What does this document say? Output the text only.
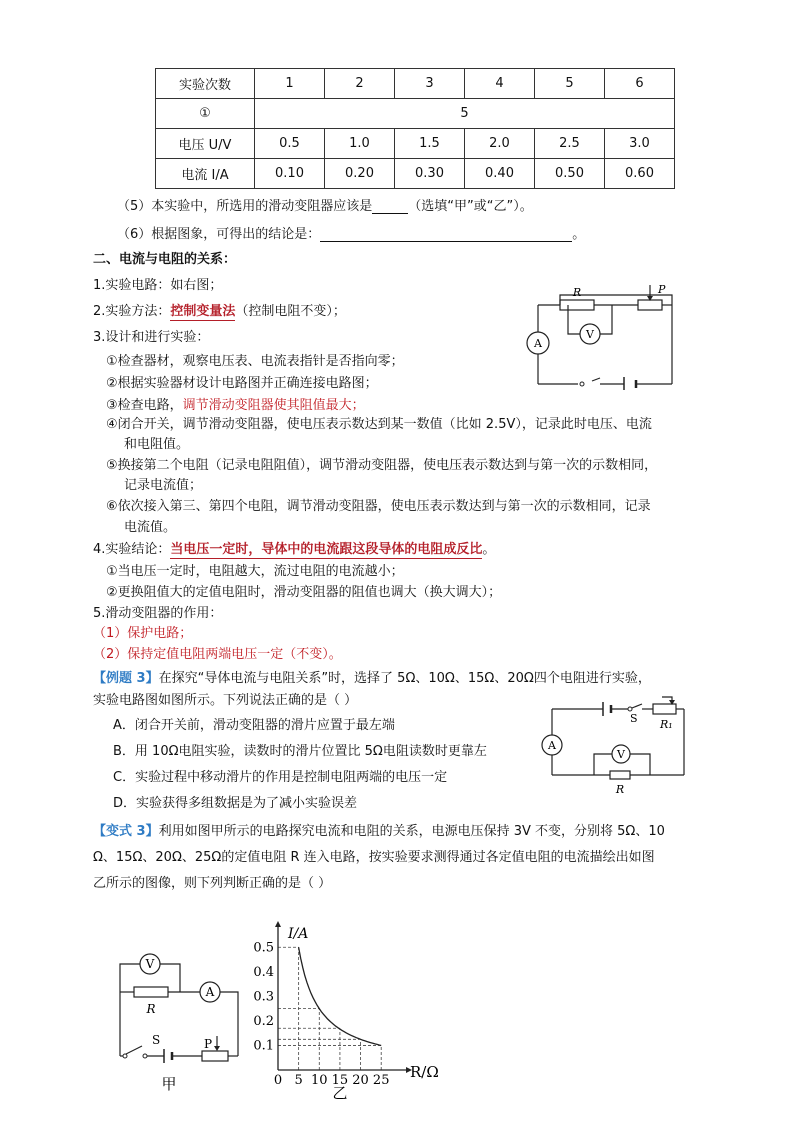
实验次数	1	2	3	4	5	6
①	5					
电压 U/V	0.5	1.0	1.5	2.0	2.5	3.0
电流 I/A	0.10	0.20	0.30	0.40	0.50	0.60
（5）本实验中，所选用的滑动变阻器应该是	（选填“甲”或“乙”）。
（6）根据图象，可得出的结论是：	。
二、电流与电阻的关系：
1.实验电路：如右图；
2.实验方法：控制变量法（控制电阻不变）；
3.设计和进行实验：
①检查器材，观察电压表、电流表指针是否指向零；
②根据实验器材设计电路图并正确连接电路图；
③检查电路，调节滑动变阻器使其阻值最大；
④闭合开关，调节滑动变阻器，使电压表示数达到某一数值（比如 2.5V），记录此时电压、电流
和电阻值。
⑤换接第二个电阻（记录电阻阻值），调节滑动变阻器，使电压表示数达到与第一次的示数相同，
记录电流值；
⑥依次接入第三、第四个电阻，调节滑动变阻器，使电压表示数达到与第一次的示数相同，记录
电流值。
4.实验结论：当电压一定时，导体中的电流跟这段导体的电阻成反比。
①当电压一定时，电阻越大，流过电阻的电流越小；
②更换阻值大的定值电阻时，滑动变阻器的阻值也调大（换大调大）；
5.滑动变阻器的作用：
（1）保护电路；
（2）保持定值电阻两端电压一定（不变）。
【例题 3】在探究“导体电流与电阻关系”时，选择了 5Ω、10Ω、15Ω、20Ω四个电阻进行实验，
实验电路图如图所示。下列说法正确的是（ ）
A．闭合开关前，滑动变阻器的滑片应置于最左端
B．用 10Ω电阻实验，读数时的滑片位置比 5Ω电阻读数时更靠左
C．实验过程中移动滑片的作用是控制电阻两端的电压一定
D．实验获得多组数据是为了减小实验误差
【变式 3】利用如图甲所示的电路探究电流和电阻的关系，电源电压保持 3V 不变，分别将 5Ω、10
Ω、15Ω、20Ω、25Ω的定值电阻 R 连入电路，按实验要求测得通过各定值电阻的电流描绘出如图
乙所示的图像，则下列判断正确的是（ ）
R	P
V
A
S R₁
V
A
R
V
A
R
S	P
甲	0 5 10 15 20 25
0.1
0.2
0.3
0.4
0.5
I/A
R/Ω
乙
